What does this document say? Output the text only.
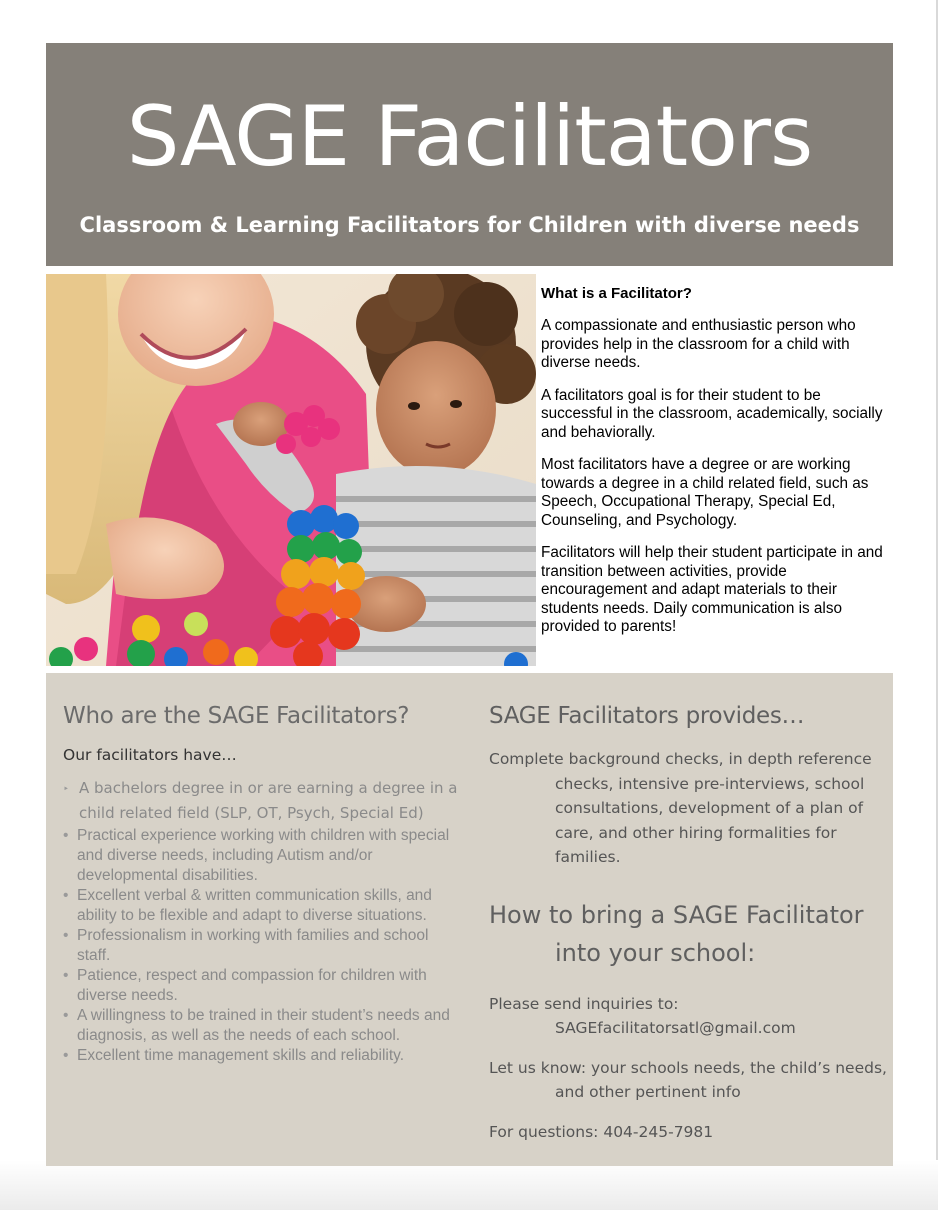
SAGE Facilitators
Classroom & Learning Facilitators for Children with diverse needs
What is a Facilitator?

A compassionate and enthusiastic person who provides help in the classroom for a child with diverse needs.

A facilitators goal is for their student to be successful in the classroom, academically, socially and behaviorally.

Most facilitators have a degree or are working towards a degree in a child related field, such as Speech, Occupational Therapy, Special Ed, Counseling, and Psychology.

Facilitators will help their student participate in and transition between activities, provide encouragement and adapt materials to their students needs. Daily communication is also provided to parents!

Who are the SAGE Facilitators?
Our facilitators have…
‣ A bachelors degree in or are earning a degree in a child related field (SLP, OT, Psych, Special Ed)
• Practical experience working with children with special and diverse needs, including Autism and/or developmental disabilities.
• Excellent verbal & written communication skills, and ability to be flexible and adapt to diverse situations.
• Professionalism in working with families and school staff.
• Patience, respect and compassion for children with diverse needs.
• A willingness to be trained in their student’s needs and diagnosis, as well as the needs of each school.
• Excellent time management skills and reliability.
SAGE Facilitators provides…

Complete background checks, in depth reference checks, intensive pre-interviews, school consultations, development of a plan of care, and other hiring formalities for families.

How to bring a SAGE Facilitator into your school:

Please send inquiries to:
SAGEfacilitatorsatl@gmail.com

Let us know: your schools needs, the child’s needs, and other pertinent info

For questions: 404-245-7981
